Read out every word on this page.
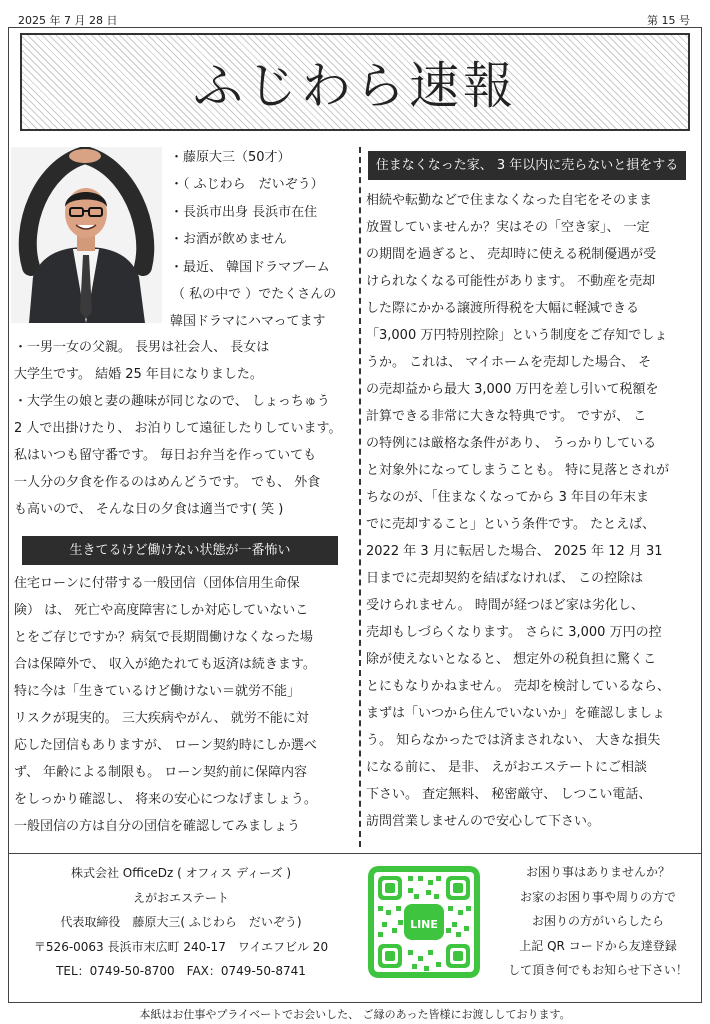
2025 年 7 月 28 日	第 15 号
ふじわら速報
・藤原大三（50才）
・（ ふじわら　だいぞう）
・長浜市出身 長浜市在住
・お酒が飲めません
・最近、 韓国ドラマブーム
（ 私の中で ）でたくさんの
韓国ドラマにハマってます

・一男一女の父親。 長男は社会人、 長女は

大学生です。 結婚 25 年目になりました。

・大学生の娘と妻の趣味が同じなので、 しょっちゅう

2 人で出掛けたり、 お泊りして遠征したりしています。

私はいつも留守番です。 毎日お弁当を作っていても

一人分の夕食を作るのはめんどうです。 でも、 外食

も高いので、 そんな日の夕食は適当です( 笑 )

生きてるけど働けない状態が一番怖い

住宅ローンに付帯する一般団信（団体信用生命保

険） は、 死亡や高度障害にしか対応していないこ

とをご存じですか？病気で長期間働けなくなった場

合は保障外で、 収入が絶たれても返済は続きます。

特に今は「生きているけど働けない＝就労不能」

リスクが現実的。 三大疾病やがん、 就労不能に対

応した団信もありますが、 ローン契約時にしか選べ

ず、 年齢による制限も。 ローン契約前に保障内容

をしっかり確認し、 将来の安心につなげましょう。

一般団信の方は自分の団信を確認してみましょう

住まなくなった家、 3 年以内に売らないと損をする

相続や転勤などで住まなくなった自宅をそのまま

放置していませんか？実はその「空き家」、 一定

の期間を過ぎると、 売却時に使える税制優遇が受

けられなくなる可能性があります。 不動産を売却

した際にかかる譲渡所得税を大幅に軽減できる

「3,000 万円特別控除」という制度をご存知でしょ

うか。 これは、 マイホームを売却した場合、 そ

の売却益から最大 3,000 万円を差し引いて税額を

計算できる非常に大きな特典です。 ですが、 こ

の特例には厳格な条件があり、 うっかりしている

と対象外になってしまうことも。 特に見落とされが

ちなのが、「住まなくなってから 3 年目の年末ま

でに売却すること」という条件です。 たとえば、

2022 年 3 月に転居した場合、 2025 年 12 月 31

日までに売却契約を結ばなければ、 この控除は

受けられません。 時間が経つほど家は劣化し、

売却もしづらくなります。 さらに 3,000 万円の控

除が使えないとなると、 想定外の税負担に驚くこ

とにもなりかねません。 売却を検討しているなら、

まずは「いつから住んでいないか」を確認しましょ

う。 知らなかったでは済まされない、 大きな損失

になる前に、 是非、 えがおエステートにご相談

下さい。 査定無料、 秘密厳守、 しつこい電話、

訪問営業しませんので安心して下さい。

株式会社 OfficeDz ( オフィス ディーズ )
えがおエステート
代表取締役　藤原大三( ふじわら　だいぞう)
〒526-0063 長浜市末広町 240-17　ワイエフビル 20
TEL：0749-50-8700　FAX：0749-50-8741
LINE
お困り事はありませんか？
お家のお困り事や周りの方で
お困りの方がいらしたら
上記 QR コードから友達登録
して頂き何でもお知らせ下さい！
本紙はお仕事やプライベートでお会いした、 ご縁のあった皆様にお渡ししております。
